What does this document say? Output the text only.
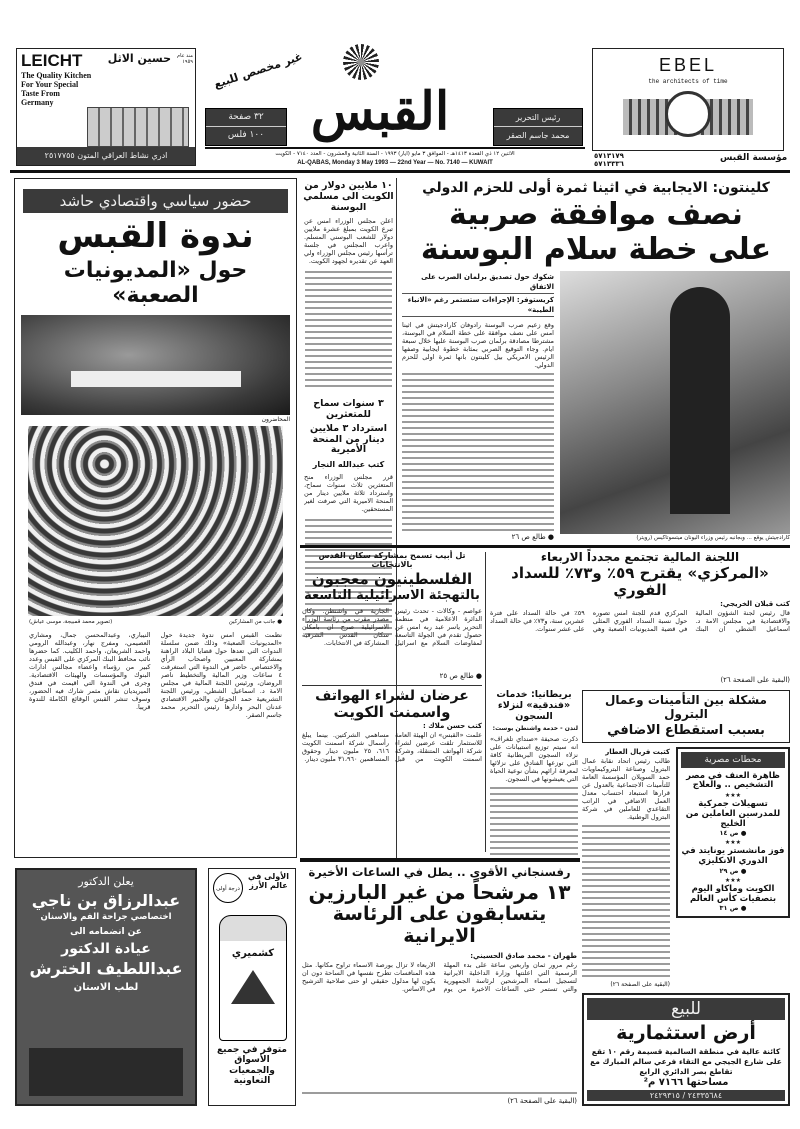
LEICHT حسين الاثل	منذ عام ١٩٥٩
The Quality Kitchen
For Your Special
Taste From
Germany
ادري نشاط العراقي المتون ٢٥١٧٧٥٥
غير مخصص للبيع
٣٢ صفحة
١٠٠ فلس القبس	رئيس التحرير
محمد جاسم الصقر
الاثنين ١٢ ذي القعدة ١٤١٣هـ - الموافق ٣ مايو (ايار) ١٩٩٣ - السنة الثانية والعشرون - العدد ٧١٤٠ - الكويت
AL-QABAS, Monday 3 May 1993 — 22nd Year — No. 7140 — KUWAIT
EBEL
the architects of time
٥٧١٣١٧٩
٥٧١٣٣٣٦
مؤسسة القبس
حضور سياسي واقتصادي حاشد
ندوة القبس
حول «المديونيات الصعبة»
المحاضرون
(تصوير محمد قمبيجة، موسى عياش)	● جانب من المشاركين
نظمت القبس امس ندوة جديدة حول «المديونيات الصعبة» وذلك ضمن سلسلة الندوات التي تعدها حول قضايا البلاد الراهنة بمشاركة المعنيين واصحاب الرأي والاختصاص. حاضر في الندوة التي استغرقت ٤ ساعات وزير المالية والتخطيط ناصر الروضان، ورئيس اللجنة المالية في مجلس الامة د. اسماعيل الشطي، ورئيس اللجنة التشريعية حمد الجوعان والخبير الاقتصادي عدنان البحر وادارها رئيس التحرير محمد جاسم الصقر.
النيباري، وعبدالمحسن جمال، ومشاري العصيمي، ومفرج نهار، وعبدالله الرومي واحمد الشريعان، واحمد الكليب. كما حضرها نائب محافظ البنك المركزي على القبس وعدد كبير من رؤساء واعضاء مجالس ادارات البنوك والمؤسسات والهيئات الاقتصادية. وجرى في الندوة التي اقيمت في فندق الميريديان نقاش مثمر شارك فيه الحضور، وسوف تنشر القبس الوقائع الكاملة للندوة قريبا.
١٠ ملايين دولار من الكويت الى مسلمي البوسنة
اعلن مجلس الوزراء امس عن تبرع الكويت بمبلغ عشرة ملايين دولار للشعب البوسني المسلم. واعرب المجلس في جلسة ترأسها رئيس مجلس الوزراء ولي العهد عن تقديره لجهود الكويت.
٣ سنوات سماح للمتعثرين
استرداد ٣ ملايين دينار من المنحة الأميرية
كتب عبدالله النجار
قرر مجلس الوزراء منح المتعثرين ثلاث سنوات سماح، واسترداد ثلاثة ملايين دينار من المنحة الاميرية التي صرفت لغير المستحقين.
كلينتون: الايجابية في اثينا ثمرة أولى للحزم الدولي
نصف موافقة صربية
على خطة سلام البوسنة
شكوك حول تصديق برلمان الصرب على الاتفاق
كريستوفر: الإجراءات ستستمر رغم «الانباء الطيبة»
وقع زعيم صرب البوسنة رادوفان كارادجيتش في اثينا امس على نصف موافقة على خطة السلام في البوسنة، مشترطا مصادقة برلمان صرب البوسنة عليها خلال سبعة ايام. وجاء التوقيع الصربي بمثابة خطوة ايجابية وصفها الرئيس الامريكي بيل كلينتون بانها ثمرة اولى للحزم الدولي.
● طالع ص ٢٦	كارادجيتش يوقع ... وبجانبه رئيس وزراء اليونان ميتسوتاكيس (رويتر)
تل أبيب تسمح بمشاركة سكان القدس بالانتخابات
الفلسطينيون معجبون
بالتهجئة الاسرائيلية التاسعة
عواصم - وكالات - تحدث رئيس الدائرة الاعلامية في منظمة التحرير ياسر عبد ربه امس عن حصول تقدم في الجولة التاسعة لمفاوضات السلام مع اسرائيل الجارية في واشنطن. وكان مصدر مقرب من رئاسة الوزراء الاسرائيلية صرح ان بامكان سكان القدس الشرقية المشاركة في الانتخابات.
● طالع ص ٢٥
عرضان لشراء الهواتف
واسمنت الكويت
كتب حسن ملاك :
علمت «القبس» ان الهيئة العامة للاستثمار تلقت عرضين لشراء شركة الهواتف المتنقلة، وشركة اسمنت الكويت من قبل مساهمي الشركتين. بينما يبلغ رأسمال شركة اسمنت الكويت ٦١٦، ٢٥ مليون دينار وحقوق المساهمين ٣١،٩٦٠ مليون دينار.
اللجنة المالية تجتمع مجدداً الاربعاء
«المركزي» يقترح ٥٩٪ و٧٣٪ للسداد الفوري
كتب قبلان الخريجي:
قال رئيس لجنة الشؤون المالية والاقتصادية في مجلس الامة د. اسماعيل الشطي ان البنك المركزي قدم للجنة امس تصوره حول نسبة السداد الفوري المثلى في قضية المديونيات الصعبة وهي ٥٩٪ في حالة السداد على فترة عشرين سنة، و٧٣٪ في حالة السداد على عشر سنوات.
(البقية على الصفحة ٢٦)
بريطانيا: خدمات
«فندقية» لنزلاء السجون
لندن - خدمة واشنطن بوست:
ذكرت صحيفة «صنداي تلغراف» انه سيتم توزيع استبيانات على نزلاء السجون البريطانية كافة التي توزعها الفنادق على نزلائها لمعرفة ارائهم بشأن نوعية الحياة التي يعيشونها في السجون.
مشكلة بين التأمينات وعمال البترول
بسبب استقطاع الاضافي
كتبت فريال العطار
طالب رئيس اتحاد نقابة عمال البترول وصناعة البتروكيماويات حمد السويلان المؤسسة العامة للتأمينات الاجتماعية بالعدول عن قرارها استبعاد احتساب معدل العمل الاضافي في الراتب التقاعدي للعاملين في شركة البترول الوطنية.
(البقية على الصفحة ٢٦)
محطات مصرية
ظاهرة العنف في مصر التشخيص .. والعلاج
★★★
تسهيلات جمركية للمدرسين العاملين من الخليج
● ص ١٤
★★★
فوز مانشستر يونايتد في الدوري الانكليزي
● ص ٢٩
★★★
الكويت وماكاو اليوم بتصفيات كأس العالم
● ص ٣١
للبيع
أرض استثمارية
كائنة عالية في منطقة السالمية قسيمة رقم ١٠ تقع على شارع الجيجي مع التقاء فرعي سالم المبارك مع تقاطع بصر الدائري الرابع
مساحتها ٧١٦٦ م²
٢٤٣٣٥٦٨٤ / ٢٤٢٩٣١٥
رفسنجاني الأقوى .. يطل في الساعات الأخيرة
١٣ مرشحاً من غير البارزين
يتسابقون على الرئاسة الايرانية
طهران - محمد صادق الحسيني:
رغم مرور ثمان واربعين ساعة على بدء المهلة الرسمية التي اعلنتها وزارة الداخلية الايرانية لتسجيل اسماء المرشحين لرئاسة الجمهورية والتي تستمر حتى الساعات الاخيرة من يوم الاربعاء لا تزال بورصة الاسماء تراوح مكانها. مثل هذه المنافسات تطرح نفسها في الساحة دون ان يكون لها مدلول حقيقي او حتى صلاحية الترشيح في الاساس.
(البقية على الصفحة ٢٦)
يعلن الدكتور
عبدالرزاق بن ناجي
اختصاصي جراحة الفم والاسنان
عن انضمامه الى
عيادة الدكتور
عبداللطيف الخترش
لطب الاسنان
الأولى في عالم الأرز
درجة أولى
كشميري
متوفر في جميع الأسواق والجمعيات التعاونية
